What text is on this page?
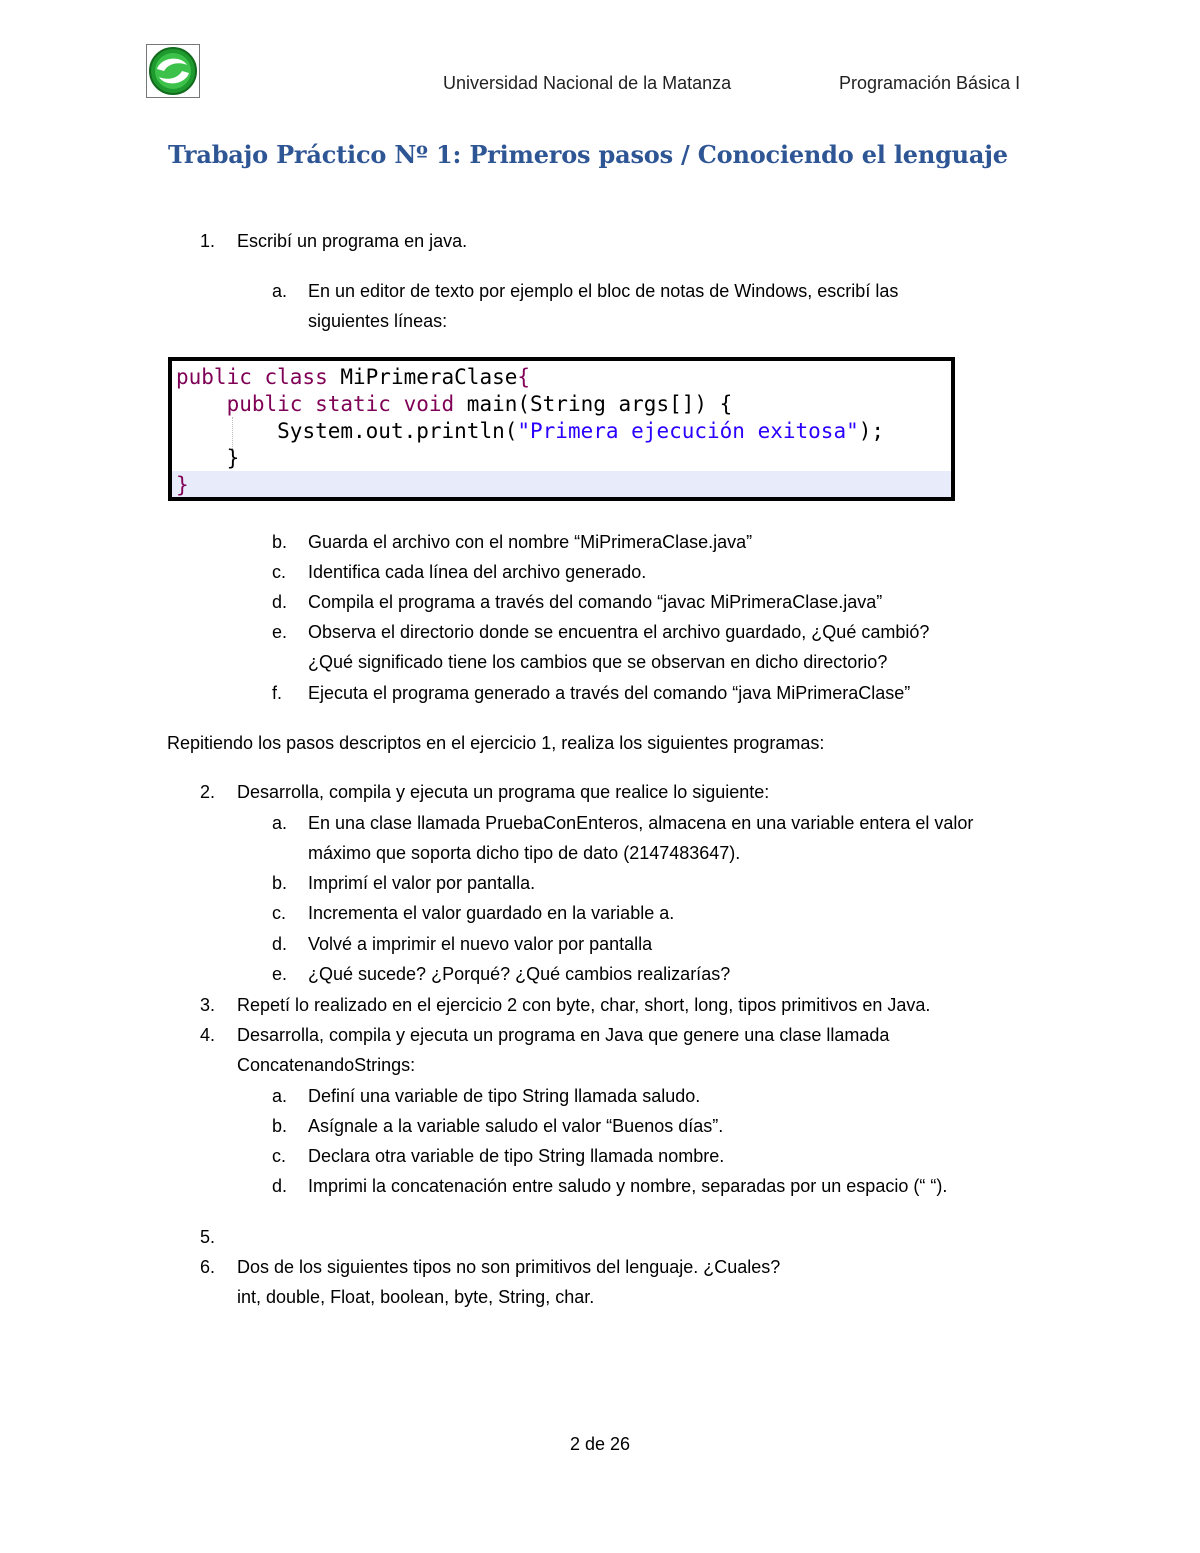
Universidad Nacional de la Matanza	Programación Básica I
Trabajo Práctico Nº 1: Primeros pasos / Conociendo el lenguaje
1. Escribí un programa en java.
a. En un editor de texto por ejemplo el bloc de notas de Windows, escribí las
siguientes líneas:
public class MiPrimeraClase{
public static void main(String args[]) {
System.out.println("Primera ejecución exitosa");
}
}
b. Guarda el archivo con el nombre “MiPrimeraClase.java”
c. Identifica cada línea del archivo generado.
d. Compila el programa a través del comando “javac MiPrimeraClase.java”
e. Observa el directorio donde se encuentra el archivo guardado, ¿Qué cambió?
¿Qué significado tiene los cambios que se observan en dicho directorio?
f. Ejecuta el programa generado a través del comando “java MiPrimeraClase”
Repitiendo los pasos descriptos en el ejercicio 1, realiza los siguientes programas:
2. Desarrolla, compila y ejecuta un programa que realice lo siguiente:
a. En una clase llamada PruebaConEnteros, almacena en una variable entera el valor
máximo que soporta dicho tipo de dato (2147483647).
b. Imprimí el valor por pantalla.
c. Incrementa el valor guardado en la variable a.
d. Volvé a imprimir el nuevo valor por pantalla
e. ¿Qué sucede? ¿Porqué? ¿Qué cambios realizarías?
3. Repetí lo realizado en el ejercicio 2 con byte, char, short, long, tipos primitivos en Java.
4. Desarrolla, compila y ejecuta un programa en Java que genere una clase llamada
ConcatenandoStrings:
a. Definí una variable de tipo String llamada saludo.
b. Asígnale a la variable saludo el valor “Buenos días”.
c. Declara otra variable de tipo String llamada nombre.
d. Imprimi la concatenación entre saludo y nombre, separadas por un espacio (“ “).
5.
6. Dos de los siguientes tipos no son primitivos del lenguaje. ¿Cuales?
int, double, Float, boolean, byte, String, char.
2 de 26
